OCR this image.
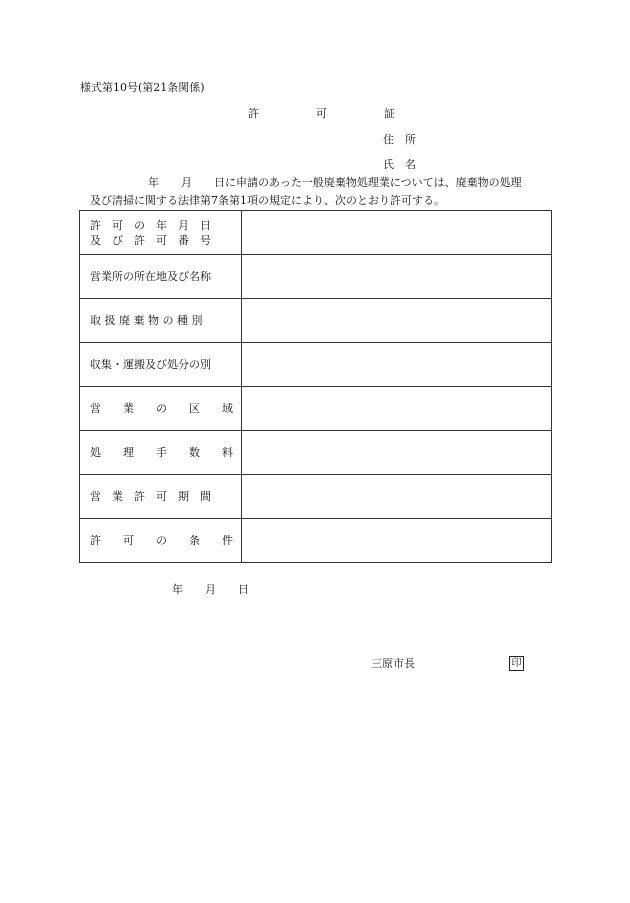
様式第10号(第21条関係)
許	可	証
住　所
氏　名
年　　月　　日に申請のあった一般廃棄物処理業については、廃棄物の処理
及び清掃に関する法律第7条第1項の規定により、次のとおり許可する。
許　可　の　年　月　日
及　び　許　可　番　号	

営業所の所在地及び名称	

取 扱 廃 棄 物 の 種 別	

収集・運搬及び処分の別	

営　　業　　の　　区　　域	

処　　理　　手　　数　　料	

営　業　許　可　期　間	

許　　可　　の　　条　　件	

年　　月　　日
三原市長	印
